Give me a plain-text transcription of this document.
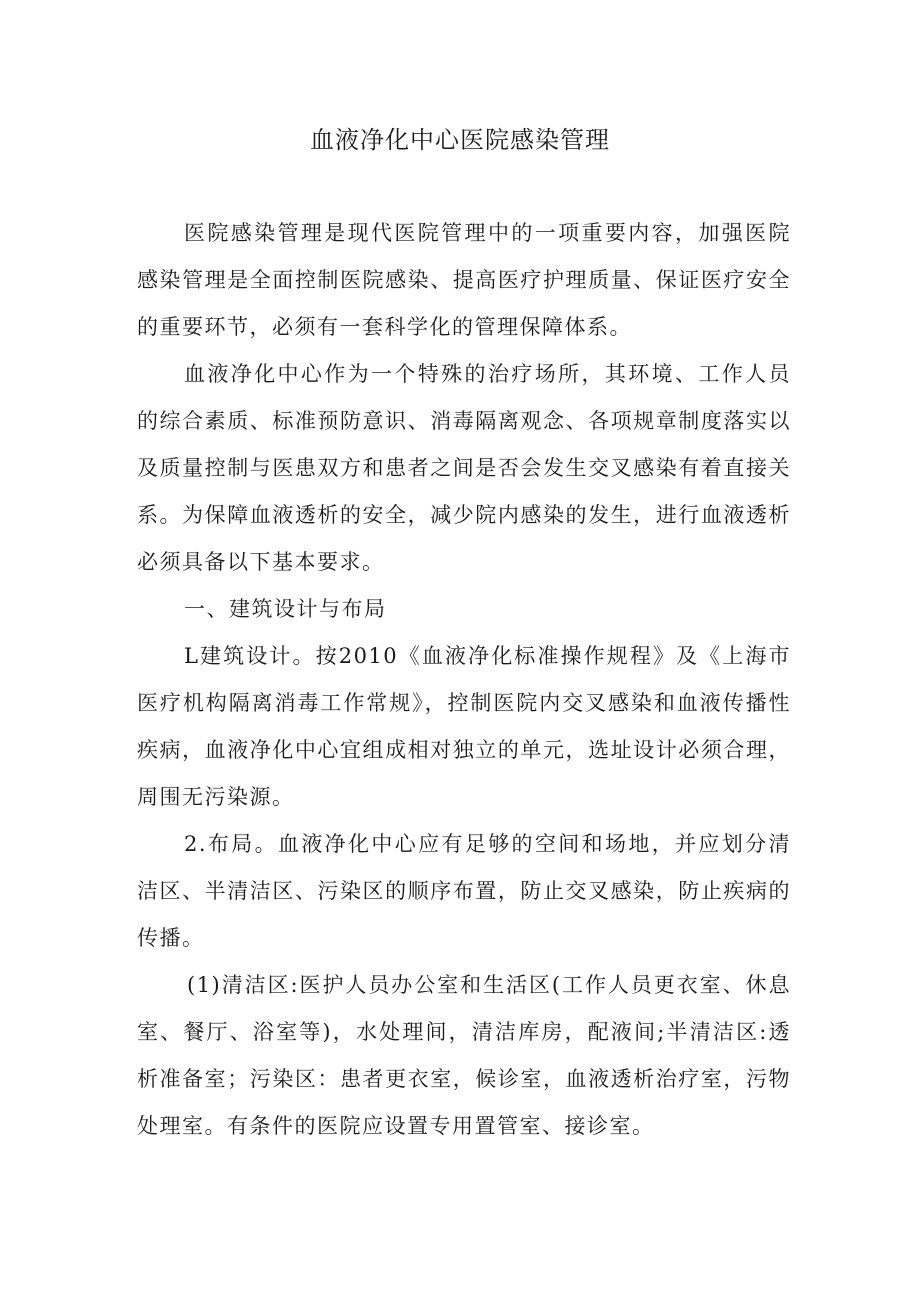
血液净化中心医院感染管理

医院感染管理是现代医院管理中的一项重要内容，加强医院感染管理是全面控制医院感染、提高医疗护理质量、保证医疗安全的重要环节，必须有一套科学化的管理保障体系。

血液净化中心作为一个特殊的治疗场所，其环境、工作人员的综合素质、标准预防意识、消毒隔离观念、各项规章制度落实以及质量控制与医患双方和患者之间是否会发生交叉感染有着直接关系。为保障血液透析的安全，减少院内感染的发生，进行血液透析必须具备以下基本要求。

一、建筑设计与布局

L建筑设计。按2010《血液净化标准操作规程》及《上海市医疗机构隔离消毒工作常规》，控制医院内交叉感染和血液传播性疾病，血液净化中心宜组成相对独立的单元，选址设计必须合理，周围无污染源。

2.布局。血液净化中心应有足够的空间和场地，并应划分清洁区、半清洁区、污染区的顺序布置，防止交叉感染，防止疾病的传播。

(1)清洁区:医护人员办公室和生活区(工作人员更衣室、休息室、餐厅、浴室等)，水处理间，清洁库房，配液间;半清洁区:透析准备室；污染区：患者更衣室，候诊室，血液透析治疗室，污物处理室。有条件的医院应设置专用置管室、接诊室。
